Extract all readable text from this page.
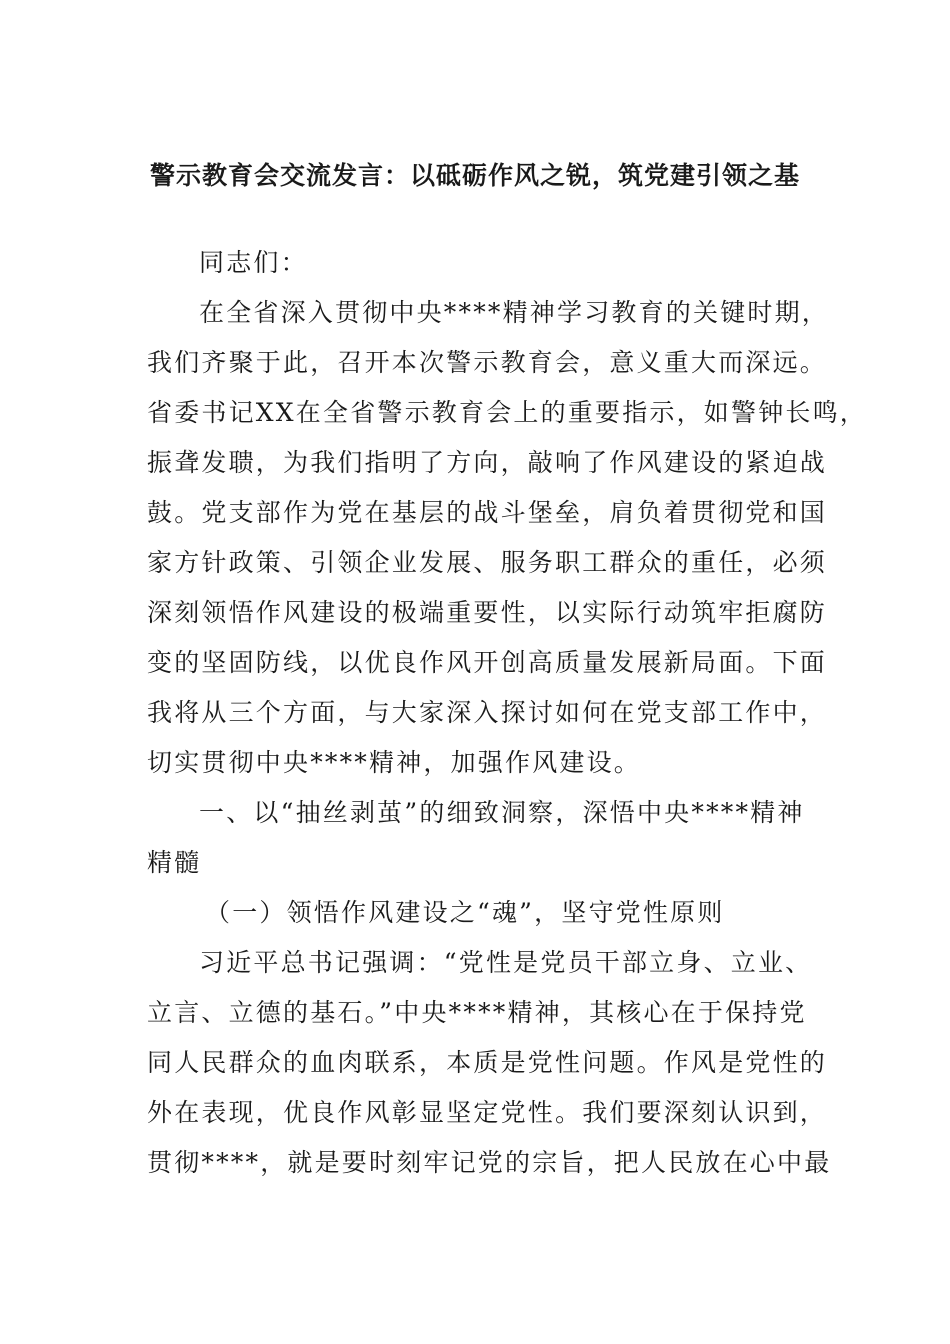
警示教育会交流发言：以砥砺作风之锐，筑党建引领之基

同志们：

在全省深入贯彻中央****精神学习教育的关键时期，
我们齐聚于此，召开本次警示教育会，意义重大而深远。
省委书记XX在全省警示教育会上的重要指示，如警钟长鸣，
振聋发聩，为我们指明了方向，敲响了作风建设的紧迫战
鼓。党支部作为党在基层的战斗堡垒，肩负着贯彻党和国
家方针政策、引领企业发展、服务职工群众的重任，必须
深刻领悟作风建设的极端重要性，以实际行动筑牢拒腐防
变的坚固防线，以优良作风开创高质量发展新局面。下面
我将从三个方面，与大家深入探讨如何在党支部工作中，
切实贯彻中央****精神，加强作风建设。

一、以“抽丝剥茧”的细致洞察，深悟中央****精神
精髓

（一）领悟作风建设之“魂”，坚守党性原则

习近平总书记强调：“党性是党员干部立身、立业、
立言、立德的基石。”中央****精神，其核心在于保持党
同人民群众的血肉联系，本质是党性问题。作风是党性的
外在表现，优良作风彰显坚定党性。我们要深刻认识到，
贯彻****，就是要时刻牢记党的宗旨，把人民放在心中最
